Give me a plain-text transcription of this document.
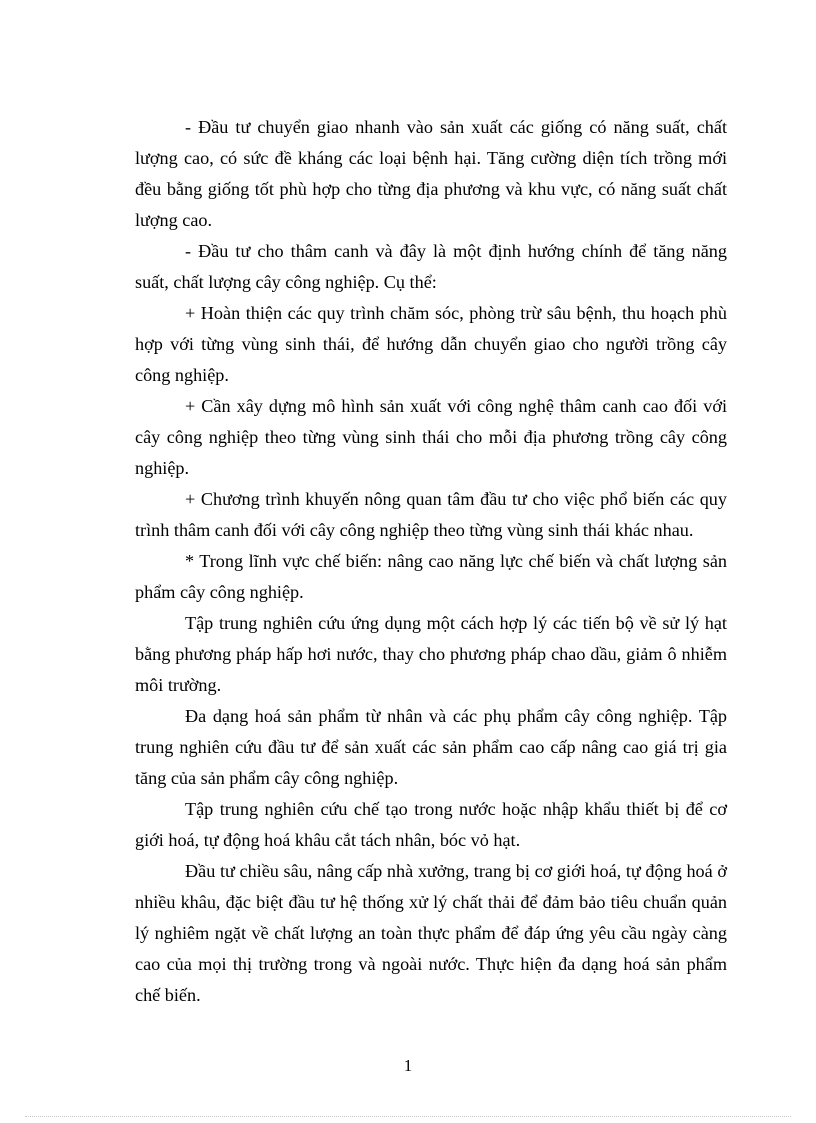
- Đầu tư chuyển giao nhanh vào sản xuất các giống có năng suất, chất lượng cao, có sức đề kháng các loại bệnh hại. Tăng cường diện tích trồng mới đều bằng giống tốt phù hợp cho từng địa phương và khu vực, có năng suất chất lượng cao.

- Đầu tư cho thâm canh và đây là một định hướng chính để tăng năng suất, chất lượng cây công nghiệp. Cụ thể:

+ Hoàn thiện các quy trình chăm sóc, phòng trừ sâu bệnh, thu hoạch phù hợp với từng vùng sinh thái, để hướng dẫn chuyển giao cho người trồng cây công nghiệp.

+ Cần xây dựng mô hình sản xuất với công nghệ thâm canh cao đối với cây công nghiệp theo từng vùng sinh thái cho mỗi địa phương trồng cây công nghiệp.

+ Chương trình khuyến nông quan tâm đầu tư cho việc phổ biến các quy trình thâm canh đối với cây công nghiệp theo từng vùng sinh thái khác nhau.

* Trong lĩnh vực chế biến: nâng cao năng lực chế biến và chất lượng sản phẩm cây công nghiệp.

Tập trung nghiên cứu ứng dụng một cách hợp lý các tiến bộ về sử lý hạt bằng phương pháp hấp hơi nước, thay cho phương pháp chao dầu, giảm ô nhiễm môi trường.

Đa dạng hoá sản phẩm từ nhân và các phụ phẩm cây công nghiệp. Tập trung nghiên cứu đầu tư để sản xuất các sản phẩm cao cấp nâng cao giá trị gia tăng của sản phẩm cây công nghiệp.

Tập trung nghiên cứu chế tạo trong nước hoặc nhập khẩu thiết bị để cơ giới hoá, tự động hoá khâu cắt tách nhân, bóc vỏ hạt.

Đầu tư chiều sâu, nâng cấp nhà xưởng, trang bị cơ giới hoá, tự động hoá ở nhiều khâu, đặc biệt đầu tư hệ thống xử lý chất thải để đảm bảo tiêu chuẩn quản lý nghiêm ngặt về chất lượng an toàn thực phẩm để đáp ứng yêu cầu ngày càng cao của mọi thị trường trong và ngoài nước. Thực hiện đa dạng hoá sản phẩm chế biến.

1
